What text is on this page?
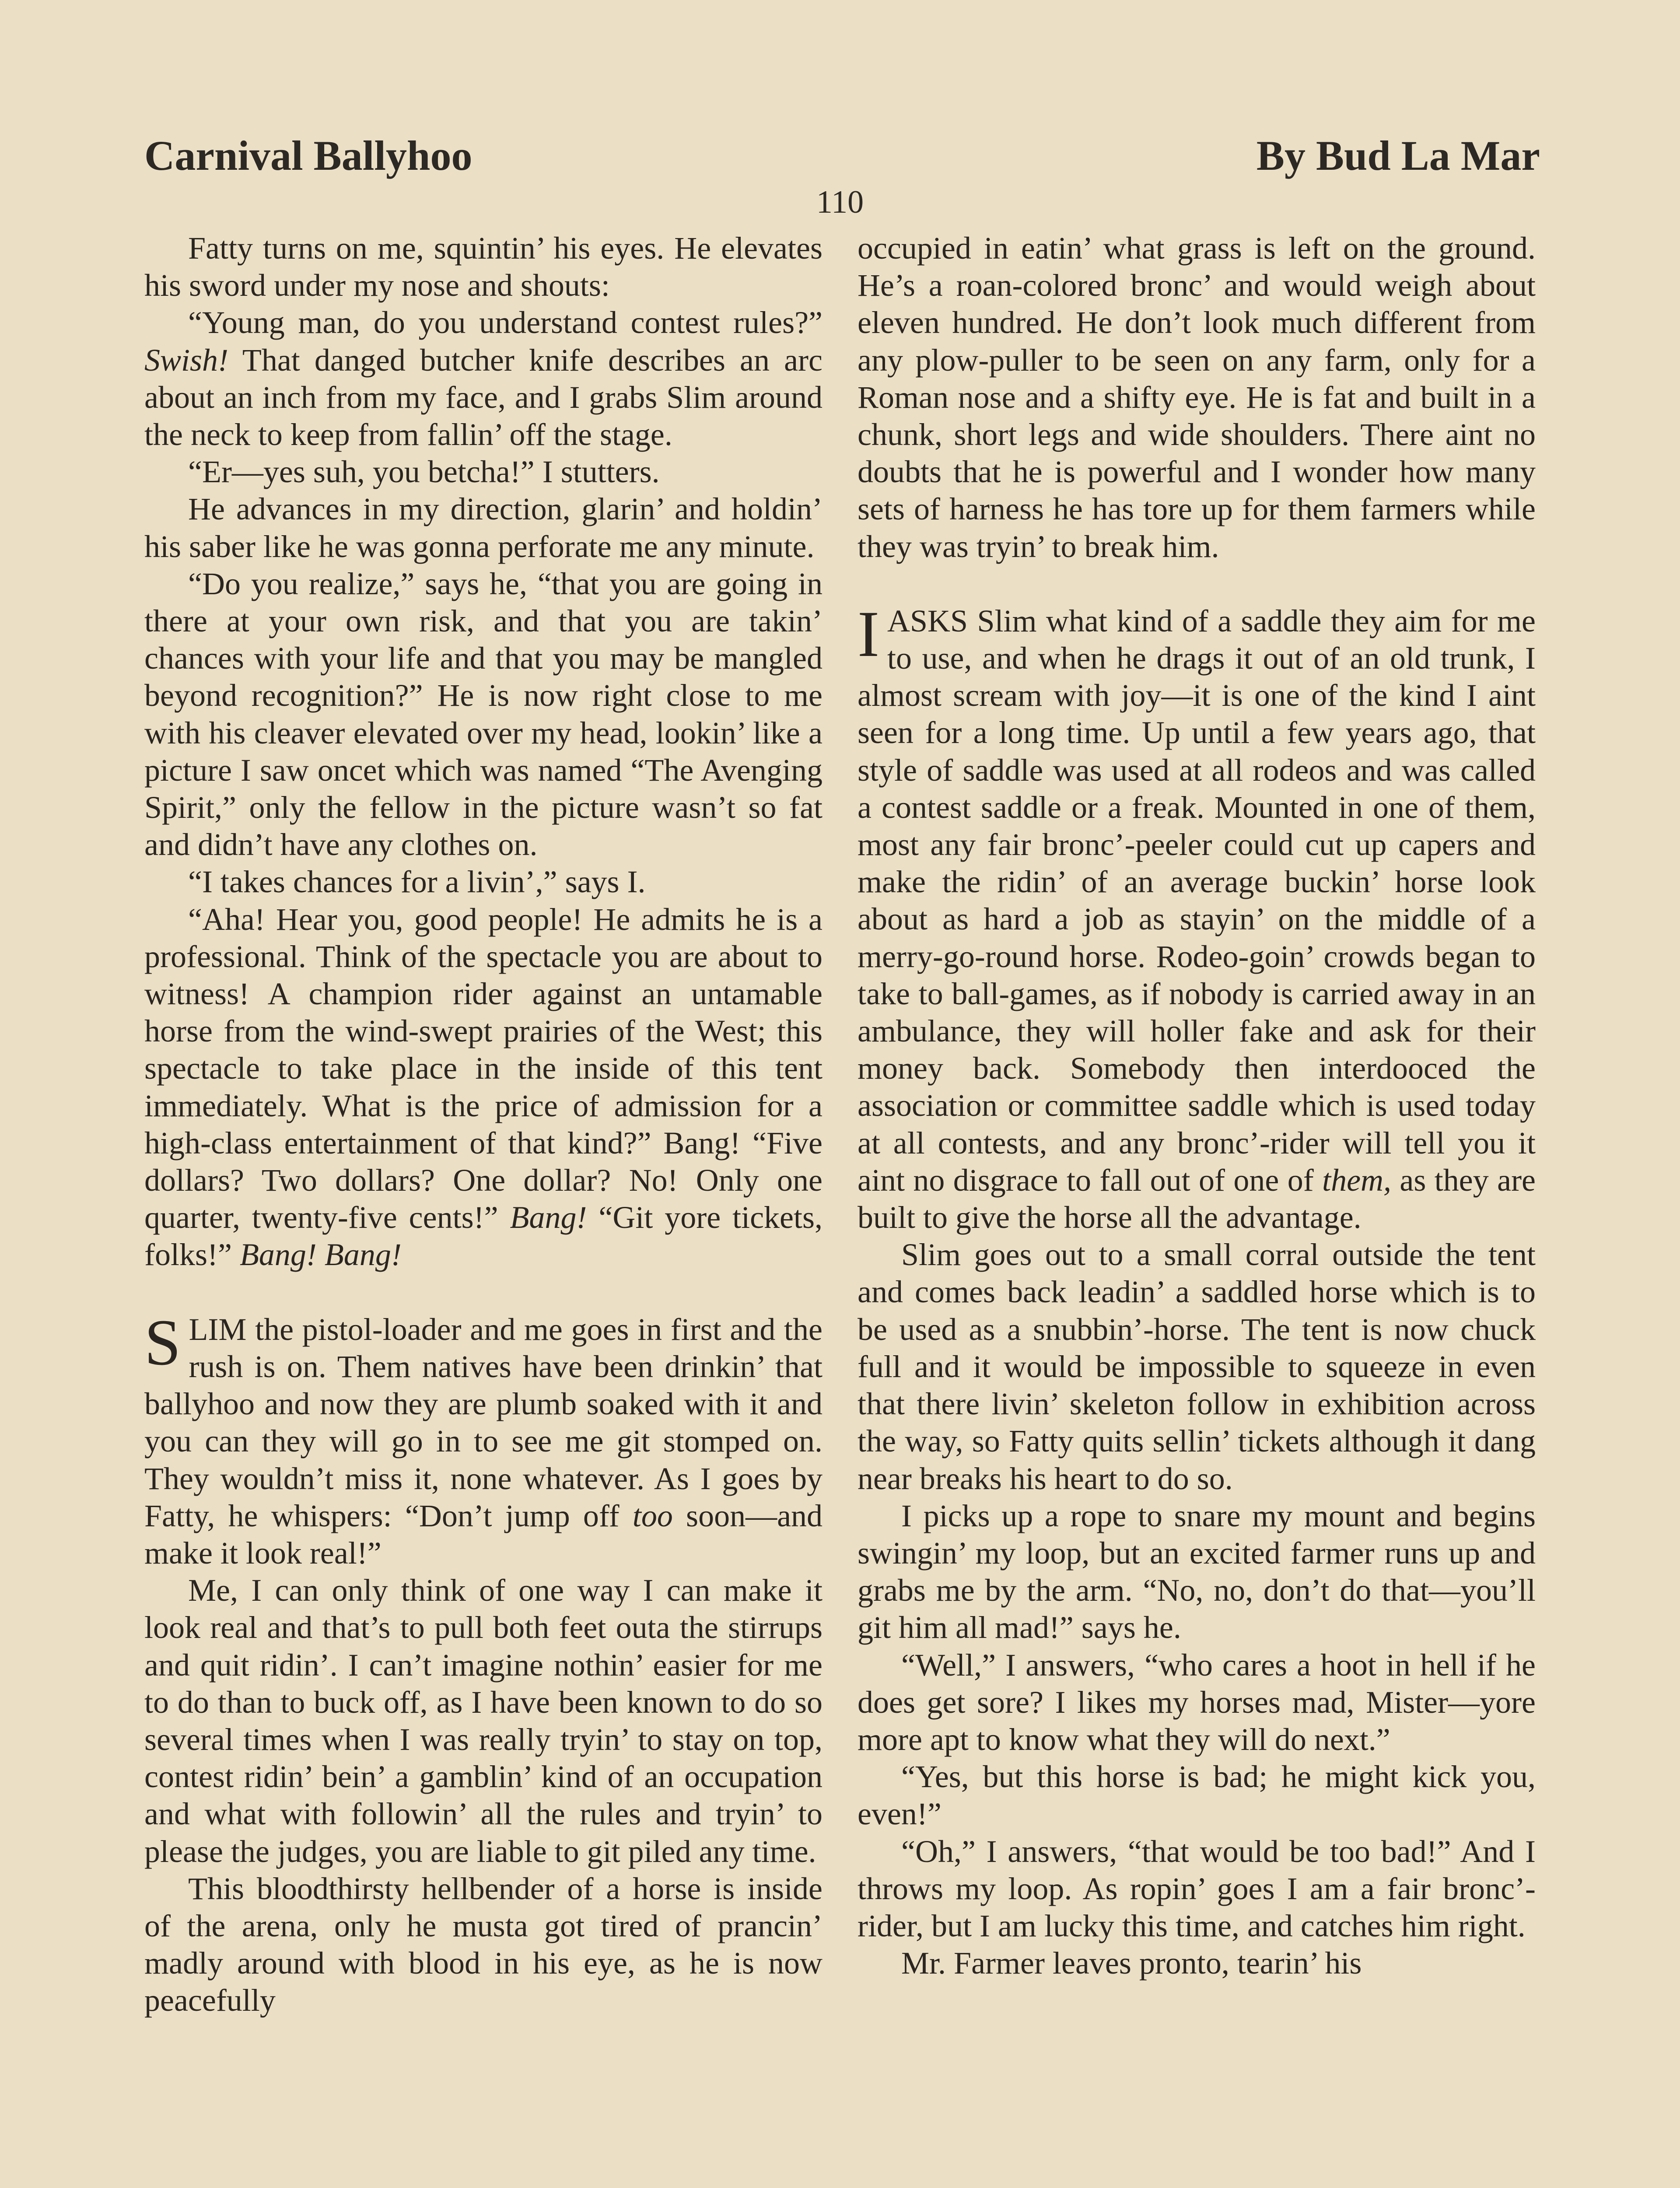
Carnival Ballyhoo	By Bud La Mar
110

Fatty turns on me, squintin’ his eyes. He elevates his sword under my nose and shouts:

“Young man, do you understand contest rules?” Swish! That danged butcher knife describes an arc about an inch from my face, and I grabs Slim around the neck to keep from fallin’ off the stage.

“Er—yes suh, you betcha!” I stutters.

He advances in my direction, glarin’ and holdin’ his saber like he was gonna perforate me any minute.

“Do you realize,” says he, “that you are going in there at your own risk, and that you are takin’ chances with your life and that you may be mangled beyond recognition?” He is now right close to me with his cleaver elevated over my head, lookin’ like a picture I saw oncet which was named “The Avenging Spirit,” only the fellow in the picture wasn’t so fat and didn’t have any clothes on.

“I takes chances for a livin’,” says I.

“Aha! Hear you, good people! He admits he is a professional. Think of the spectacle you are about to witness! A champion rider against an untamable horse from the wind-swept prairies of the West; this spectacle to take place in the inside of this tent immediately. What is the price of admission for a high-class entertainment of that kind?” Bang! “Five dollars? Two dollars? One dollar? No! Only one quarter, twenty-five cents!” Bang! “Git yore tickets, folks!” Bang! Bang!

SLIM the pistol-loader and me goes in first and the rush is on. Them natives have been drinkin’ that ballyhoo and now they are plumb soaked with it and you can they will go in to see me git stomped on. They wouldn’t miss it, none whatever. As I goes by Fatty, he whispers: “Don’t jump off too soon—and make it look real!”

Me, I can only think of one way I can make it look real and that’s to pull both feet outa the stirrups and quit ridin’. I can’t imagine nothin’ easier for me to do than to buck off, as I have been known to do so several times when I was really tryin’ to stay on top, contest ridin’ bein’ a gamblin’ kind of an occupation and what with followin’ all the rules and tryin’ to please the judges, you are liable to git piled any time.

This bloodthirsty hellbender of a horse is inside of the arena, only he musta got tired of prancin’ madly around with blood in his eye, as he is now peacefully

occupied in eatin’ what grass is left on the ground. He’s a roan-colored bronc’ and would weigh about eleven hundred. He don’t look much different from any plow-puller to be seen on any farm, only for a Roman nose and a shifty eye. He is fat and built in a chunk, short legs and wide shoulders. There aint no doubts that he is powerful and I wonder how many sets of harness he has tore up for them farmers while they was tryin’ to break him.

IASKS Slim what kind of a saddle they aim for me to use, and when he drags it out of an old trunk, I almost scream with joy—it is one of the kind I aint seen for a long time. Up until a few years ago, that style of saddle was used at all rodeos and was called a contest saddle or a freak. Mounted in one of them, most any fair bronc’-peeler could cut up capers and make the ridin’ of an average buckin’ horse look about as hard a job as stayin’ on the middle of a merry-go-round horse. Rodeo-goin’ crowds began to take to ball-games, as if nobody is carried away in an ambulance, they will holler fake and ask for their money back. Somebody then interdooced the association or committee saddle which is used today at all contests, and any bronc’-rider will tell you it aint no disgrace to fall out of one of them, as they are built to give the horse all the advantage.

Slim goes out to a small corral outside the tent and comes back leadin’ a saddled horse which is to be used as a snubbin’-horse. The tent is now chuck full and it would be impossible to squeeze in even that there livin’ skeleton follow in exhibition across the way, so Fatty quits sellin’ tickets although it dang near breaks his heart to do so.

I picks up a rope to snare my mount and begins swingin’ my loop, but an excited farmer runs up and grabs me by the arm. “No, no, don’t do that—you’ll git him all mad!” says he.

“Well,” I answers, “who cares a hoot in hell if he does get sore? I likes my horses mad, Mister—yore more apt to know what they will do next.”

“Yes, but this horse is bad; he might kick you, even!”

“Oh,” I answers, “that would be too bad!” And I throws my loop. As ropin’ goes I am a fair bronc’-rider, but I am lucky this time, and catches him right.

Mr. Farmer leaves pronto, tearin’ his
